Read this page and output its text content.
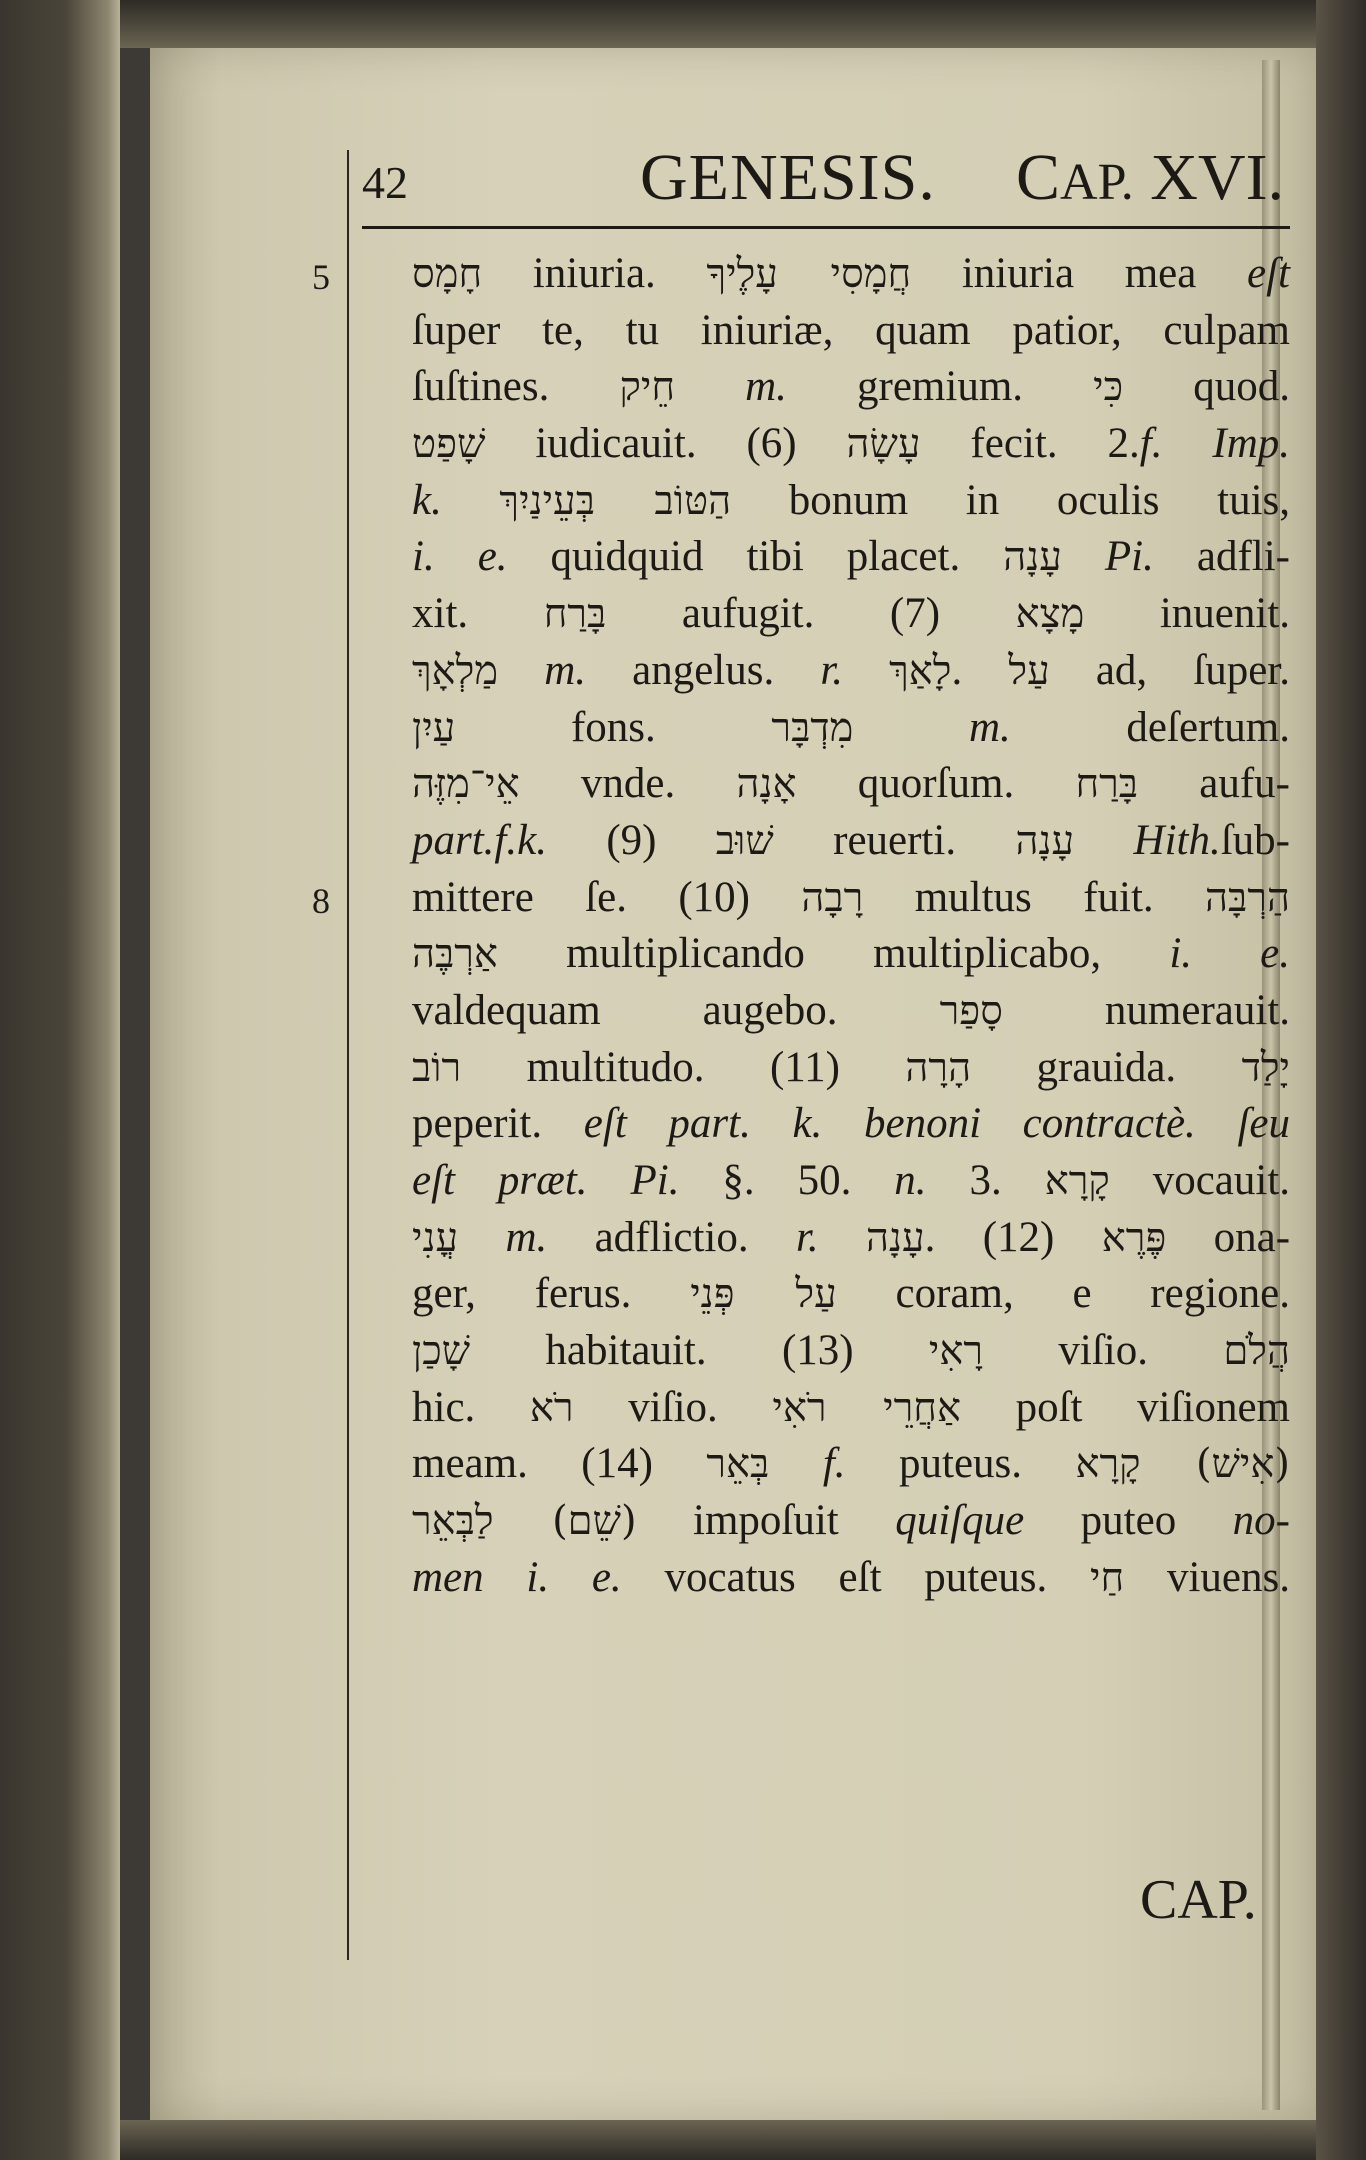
42	GENESIS. CAP. XVI.
5
8
חָמָס iniuria. חֲמָסִי עָלֶיךָ iniuria mea eſt
ſuper te, tu iniuriæ, quam patior, culpam
ſuſtines. חֵיק m. gremium. כִּי quod.
שָׁפַט iudicauit. (6) עָשָׂה fecit. 2.f. Imp.
k. הַטּוֹב בְּעֵינַיִךְ bonum in oculis tuis,
i. e. quidquid tibi placet. עָנָה Pi. adfli-
xit. בָּרַח aufugit. (7) מָצָא inuenit.
מַלְאָךְ m. angelus. r. לָאַךְ. עַל ad, ſuper.
עַיִן fons. מִדְבָּר	m. deſertum.
אֵי־מִזֶּה vnde. אָנָה quorſum. בָּרַח aufu-
part.f.k. (9) שׁוּב reuerti. עָנָה Hith.ſub-
mittere ſe. (10) רָבָה multus fuit. הַרְבָּה
אַרְבֶּה multiplicando multiplicabo, i. e.
valdequam augebo. סָפַר numerauit.
רוֹב multitudo. (11) הָרָה grauida. יָלַד
peperit. eſt part. k. benoni contractè. ſeu
eſt præt. Pi. §. 50. n. 3. קָרָא vocauit.
עֳנִי m. adflictio. r. עָנָה. (12) פֶּרֶא ona-
ger, ferus. עַל פְּנֵי coram, e regione.
שָׁכַן habitauit. (13) רָאִי viſio. הֲלֹם
hic. רֹא viſio. אַחֲרֵי רֹאִי poſt viſionem
meam. (14) בְּאֵר f. puteus. (אִישׁ) קָרָא
(שֵׁם) לַבְּאֵר impoſuit quiſque puteo no-
men i. e. vocatus eſt puteus. חַי viuens.
CAP.
